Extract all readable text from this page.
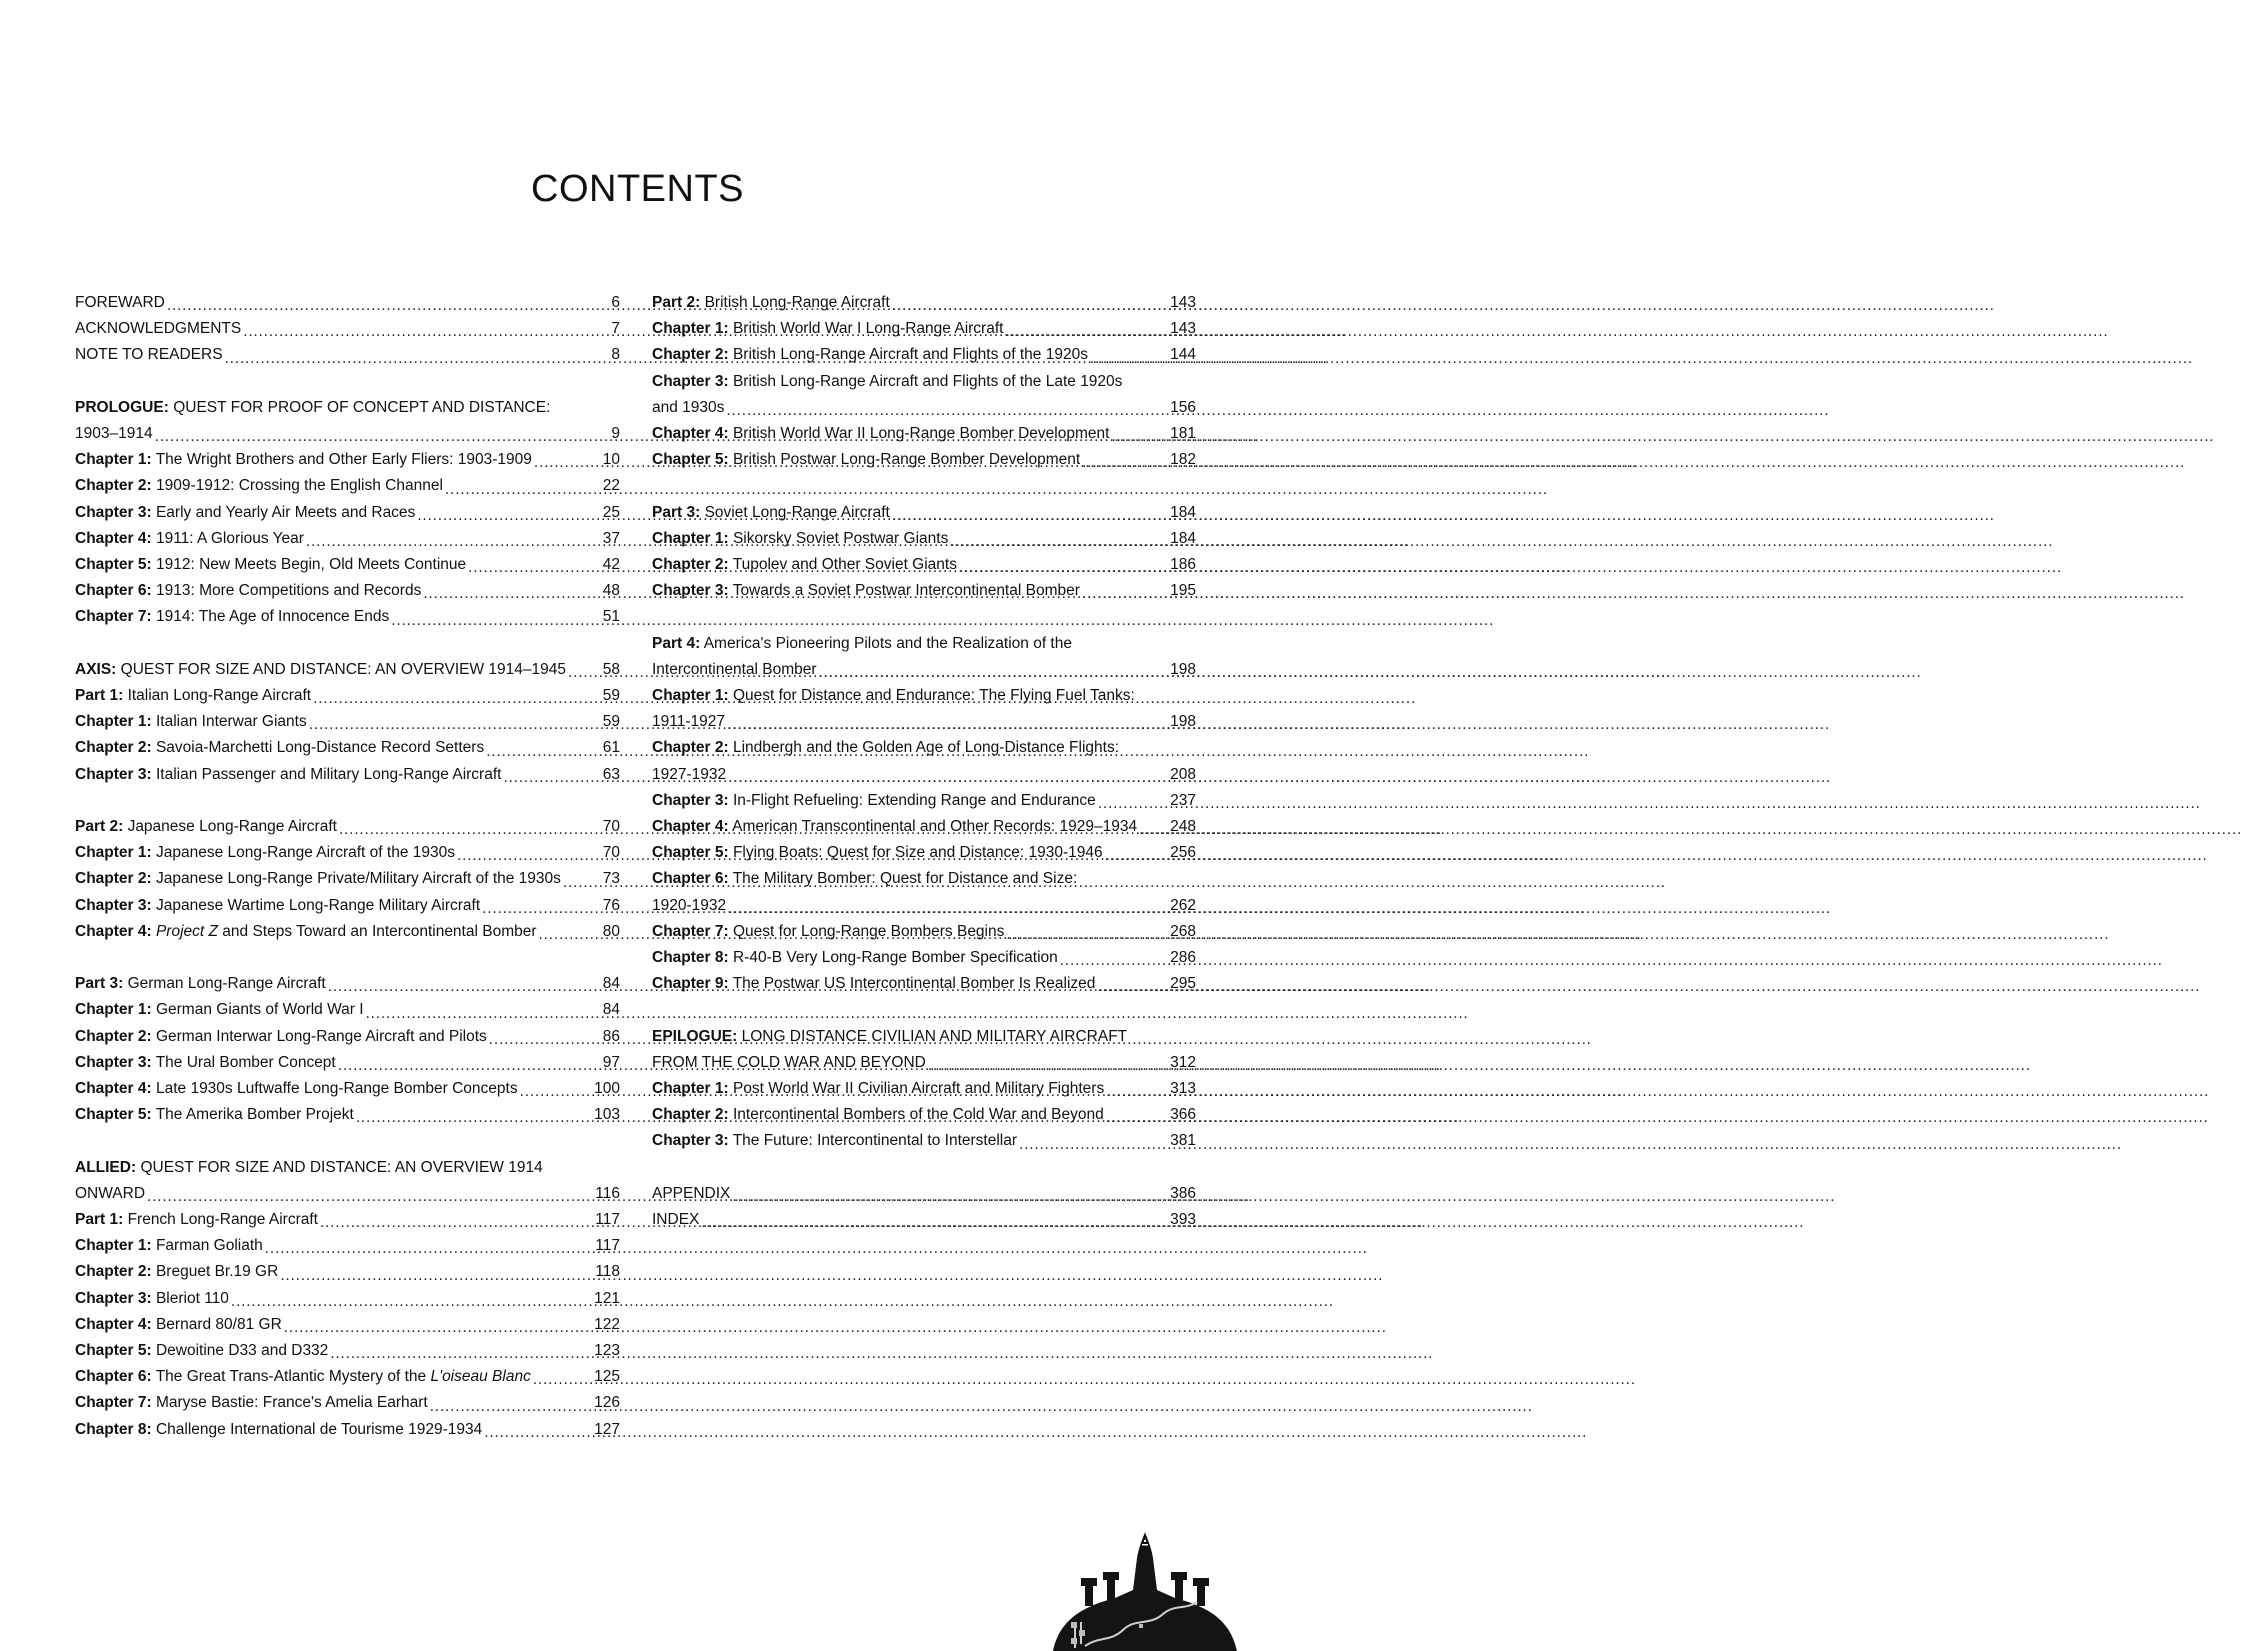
CONTENTS
FOREWARD .....	6
ACKNOWLEDGMENTS .....	7
NOTE TO READERS .....	8
PROLOGUE: QUEST FOR PROOF OF CONCEPT AND DISTANCE:
1903–1914 .....	9
Chapter 1: The Wright Brothers and Other Early Fliers: 1903-1909 .....	10
Chapter 2: 1909-1912: Crossing the English Channel .....	22
Chapter 3: Early and Yearly Air Meets and Races .....	25
Chapter 4: 1911: A Glorious Year .....	37
Chapter 5: 1912: New Meets Begin, Old Meets Continue .....	42
Chapter 6: 1913: More Competitions and Records .....	48
Chapter 7: 1914: The Age of Innocence Ends .....	51
AXIS: QUEST FOR SIZE AND DISTANCE: AN OVERVIEW 1914–1945 ..... 58
Part 1: Italian Long-Range Aircraft .....	59
Chapter 1: Italian Interwar Giants .....	59
Chapter 2: Savoia-Marchetti Long-Distance Record Setters .....	61
Chapter 3: Italian Passenger and Military Long-Range Aircraft .....	63
Part 2: Japanese Long-Range Aircraft .....	70
Chapter 1: Japanese Long-Range Aircraft of the 1930s .....	70
Chapter 2: Japanese Long-Range Private/Military Aircraft of the 1930s .....	73
Chapter 3: Japanese Wartime Long-Range Military Aircraft .....	76
Chapter 4: Project Z and Steps Toward an Intercontinental Bomber .....	80
Part 3: German Long-Range Aircraft .....	84
Chapter 1: German Giants of World War I .....	84
Chapter 2: German Interwar Long-Range Aircraft and Pilots .....	86
Chapter 3: The Ural Bomber Concept .....	97
Chapter 4: Late 1930s Luftwaffe Long-Range Bomber Concepts .....	100
Chapter 5: The Amerika Bomber Projekt .....	103
ALLIED: QUEST FOR SIZE AND DISTANCE: AN OVERVIEW 1914
ONWARD .....	116
Part 1: French Long-Range Aircraft .....	117
Chapter 1: Farman Goliath .....	117
Chapter 2: Breguet Br.19 GR .....	118
Chapter 3: Bleriot 110 .....	121
Chapter 4: Bernard 80/81 GR .....	122
Chapter 5: Dewoitine D33 and D332 .....	123
Chapter 6: The Great Trans-Atlantic Mystery of the L'oiseau Blanc .....	125
Chapter 7: Maryse Bastie: France's Amelia Earhart .....	126
Chapter 8: Challenge International de Tourisme 1929-1934 .....	127
Part 2: British Long-Range Aircraft .....	143
Chapter 1: British World War I Long-Range Aircraft .....	143
Chapter 2: British Long-Range Aircraft and Flights of the 1920s .....	144
Chapter 3: British Long-Range Aircraft and Flights of the Late 1920s
and 1930s .....	156
Chapter 4: British World War II Long-Range Bomber Development .....	181
Chapter 5: British Postwar Long-Range Bomber Development .....	182
Part 3: Soviet Long-Range Aircraft .....	184
Chapter 1: Sikorsky Soviet Postwar Giants .....	184
Chapter 2: Tupolev and Other Soviet Giants .....	186
Chapter 3: Towards a Soviet Postwar Intercontinental Bomber .....	195
Part 4: America's Pioneering Pilots and the Realization of the
Intercontinental Bomber .....	198
Chapter 1: Quest for Distance and Endurance: The Flying Fuel Tanks:
1911-1927 .....	198
Chapter 2: Lindbergh and the Golden Age of Long-Distance Flights:
1927-1932 .....	208
Chapter 3: In-Flight Refueling: Extending Range and Endurance .....	237
Chapter 4: American Transcontinental and Other Records: 1929–1934 ..... 248
Chapter 5: Flying Boats: Quest for Size and Distance: 1930-1946 .....	256
Chapter 6: The Military Bomber: Quest for Distance and Size:
1920-1932 .....	262
Chapter 7: Quest for Long-Range Bombers Begins .....	268
Chapter 8: R-40-B Very Long-Range Bomber Specification .....	286
Chapter 9: The Postwar US Intercontinental Bomber Is Realized .....	295
EPILOGUE: LONG DISTANCE CIVILIAN AND MILITARY AIRCRAFT
FROM THE COLD WAR AND BEYOND .....	312
Chapter 1: Post World War II Civilian Aircraft and Military Fighters .....	313
Chapter 2: Intercontinental Bombers of the Cold War and Beyond .....	366
Chapter 3: The Future: Intercontinental to Interstellar .....	381
APPENDIX .....	386
INDEX .....	393
